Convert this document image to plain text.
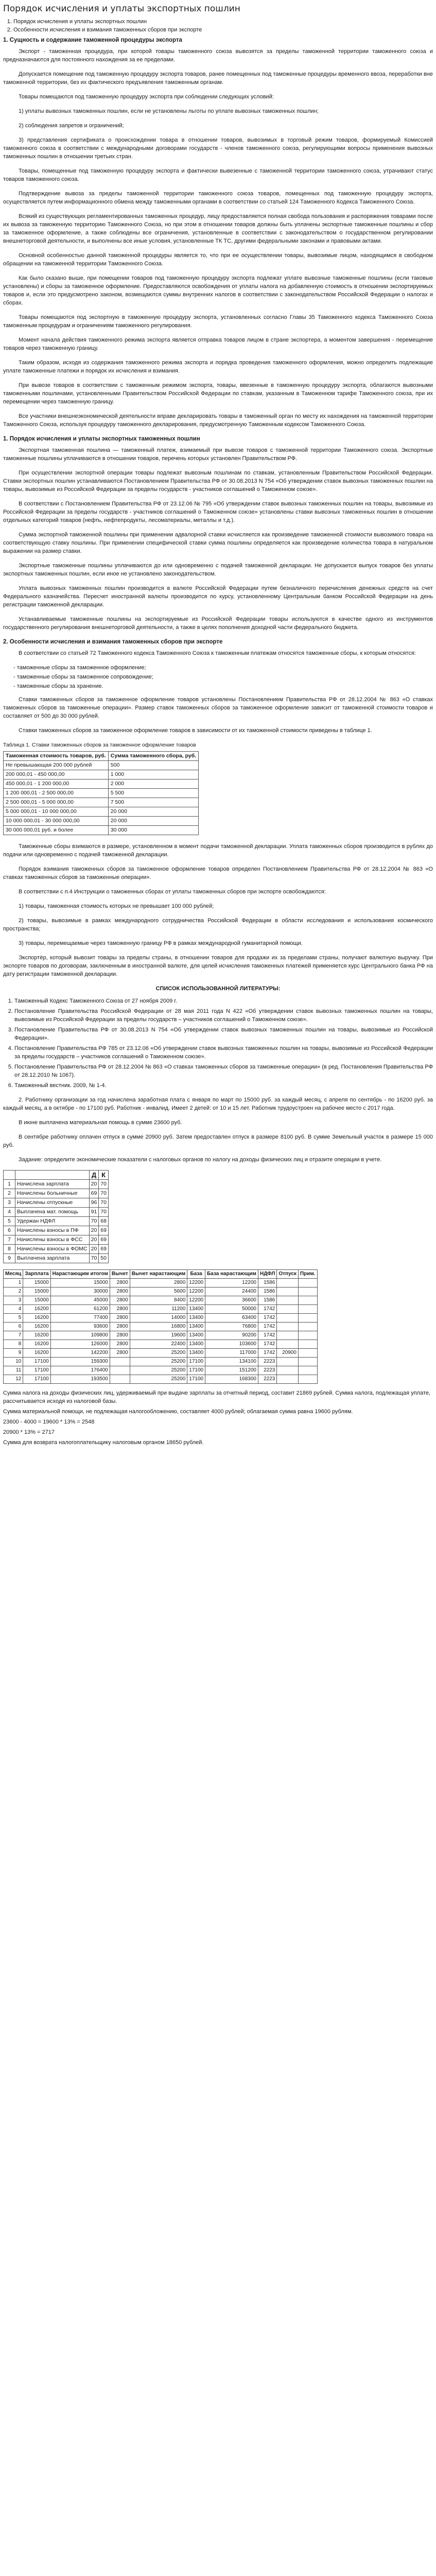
Порядок исчисления и уплаты экспортных пошлин
1. Порядок исчисления и уплаты экспортных пошлин
2. Особенности исчисления и взимания таможенных сборов при экспорте
1. Сущность и содержание таможенной процедуры экспорта

Экспорт - таможенная процедура, при которой товары таможенного союза вывозятся за пределы таможенной территории таможенного союза и предназначаются для постоянного нахождения за ее пределами.

Допускается помещение под таможенную процедуру экспорта товаров, ранее помещенных под таможенные процедуры временного ввоза, переработки вне таможенной территории, без их фактического предъявления таможенным органам.

Товары помещаются под таможенную процедуру экспорта при соблюдении следующих условий:

1) уплаты вывозных таможенных пошлин, если не установлены льготы по уплате вывозных таможенных пошлин;

2) соблюдения запретов и ограничений;

3) представления сертификата о происхождении товара в отношении товаров, вывозимых в торговый режим товаров, формируемый Комиссией таможенного союза в соответствии с международными договорами государств - членов таможенного союза, регулирующими вопросы применения вывозных таможенных пошлин в отношении третьих стран.

Товары, помещенные под таможенную процедуру экспорта и фактически вывезенные с таможенной территории таможенного союза, утрачивают статус товаров таможенного союза.

Подтверждение вывоза за пределы таможенной территории таможенного союза товаров, помещенных под таможенную процедуру экспорта, осуществляется путем информационного обмена между таможенными органами в соответствии со статьей 124 Таможенного Кодекса Таможенного Союза.

Всякий из существующих регламентированных таможенных процедур, лицу предоставляется полная свобода пользования и распоряжения товарами после их вывоза за таможенную территорию Таможенного Союза, но при этом в отношении товаров должны быть уплачены экспортные таможенные пошлины и сбор за таможенное оформление, а также соблюдены все ограничения, установленные в соответствии с законодательством о государственном регулировании внешнеторговой деятельности, и выполнены все иные условия, установленные ТК ТС, другими федеральными законами и правовыми актами.

Основной особенностью данной таможенной процедуры является то, что при ее осуществлении товары, вывозимые лицом, находящимся в свободном обращении на таможенной территории Таможенного Союза.

Как было сказано выше, при помещении товаров под таможенную процедуру экспорта подлежат уплате вывозные таможенные пошлины (если таковые установлены) и сборы за таможенное оформление. Предоставляются освобождения от уплаты налога на добавленную стоимость в отношении экспортируемых товаров и, если это предусмотрено законом, возмещаются суммы внутренних налогов в соответствии с законодательством Российской Федерации о налогах и сборах.

Товары помещаются под экспортную в таможенную процедуру экспорта, установленных согласно Главы 35 Таможенного кодекса Таможенного Союза таможенным процедурам и ограничениям таможенного регулирования.

Момент начала действия таможенного режима экспорта является отправка товаров лицом в стране экспортера, а моментом завершения - перемещение товаров через таможенную границу.

Таким образом, исходя из содержания таможенного режима экспорта и порядка проведения таможенного оформления, можно определить подлежащие уплате таможенные платежи и порядок их исчисления и взимания.

При вывозе товаров в соответствии с таможенным режимом экспорта, товары, ввезенные в таможенную процедуру экспорта, облагаются вывозными таможенными пошлинами, установленными Правительством Российской Федерации по ставкам, указанным в Таможенном тарифе Таможенного союза, при их перемещении через таможенную границу.

Все участники внешнеэкономической деятельности вправе декларировать товары в таможенный орган по месту их нахождения на таможенной территории Таможенного Союза, используя процедуру таможенного декларирования, предусмотренную Таможенным кодексом Таможенного Союза.

1. Порядок исчисления и уплаты экспортных таможенных пошлин

Экспортная таможенная пошлина — таможенный платеж, взимаемый при вывозе товаров с таможенной территории Таможенного союза. Экспортные таможенные пошлины уплачиваются в отношении товаров, перечень которых установлен Правительством РФ.

При осуществлении экспортной операции товары подлежат вывозным пошлинам по ставкам, установленным Правительством Российской Федерации. Ставки экспортных пошлин устанавливаются Постановлением Правительства РФ от 30.08.2013 N 754 «Об утверждении ставок вывозных таможенных пошлин на товары, вывозимые из Российской Федерации за пределы государств - участников соглашений о Таможенном союзе».

В соответствии с Постановлением Правительства РФ от 23.12.06 № 795 «Об утверждении ставок вывозных таможенных пошлин на товары, вывозимые из Российской Федерации за пределы государств - участников соглашений о Таможенном союзе» установлены ставки вывозных таможенных пошлин в отношении отдельных категорий товаров (нефть, нефтепродукты, лесоматериалы, металлы и т.д.).

Сумма экспортной таможенной пошлины при применении адвалорной ставки исчисляется как произведение таможенной стоимости вывозимого товара на соответствующую ставку пошлины. При применении специфической ставки сумма пошлины определяется как произведение количества товара в натуральном выражении на размер ставки.

Экспортные таможенные пошлины уплачиваются до или одновременно с подачей таможенной декларации. Не допускается выпуск товаров без уплаты экспортных таможенных пошлин, если иное не установлено законодательством.

Уплата вывозных таможенных пошлин производится в валюте Российской Федерации путем безналичного перечисления денежных средств на счет Федерального казначейства. Пересчет иностранной валюты производится по курсу, установленному Центральным банком Российской Федерации на день регистрации таможенной декларации.

Устанавливаемые таможенные пошлины на экспортируемые из Российской Федерации товары используются в качестве одного из инструментов государственного регулирования внешнеторговой деятельности, а также в целях пополнения доходной части федерального бюджета.

2. Особенности исчисления и взимания таможенных сборов при экспорте

В соответствии со статьей 72 Таможенного кодекса Таможенного Союза к таможенным платежам относятся таможенные сборы, к которым относятся:

- таможенные сборы за таможенное оформление;
- таможенные сборы за таможенное сопровождение;
- таможенные сборы за хранение.

Ставки таможенных сборов за таможенное оформление товаров установлены Постановлением Правительства РФ от 28.12.2004 № 863 «О ставках таможенных сборов за таможенные операции». Размер ставок таможенных сборов за таможенное оформление зависит от таможенной стоимости товаров и составляет от 500 до 30 000 рублей.

Ставки таможенных сборов за таможенное оформление товаров в зависимости от их таможенной стоимости приведены в таблице 1.

Таблица 1. Ставки таможенных сборов за таможенное оформление товаров
Таможенная стоимость товаров, руб.	Сумма таможенного сбора, руб.
Не превышающая 200 000 рублей	500
200 000,01 - 450 000,00	1 000
450 000,01 - 1 200 000,00	2 000
1 200 000,01 - 2 500 000,00	5 500
2 500 000,01 - 5 000 000,00	7 500
5 000 000,01 - 10 000 000,00	20 000
10 000 000,01 - 30 000 000,00	20 000
30 000 000,01 руб. и более	30 000

Таможенные сборы взимаются в размере, установленном в момент подачи таможенной декларации. Уплата таможенных сборов производится в рублях до подачи или одновременно с подачей таможенной декларации.

Порядок взимания таможенных сборов за таможенное оформление товаров определен Постановлением Правительства РФ от 28.12.2004 № 863 «О ставках таможенных сборов за таможенные операции».

В соответствии с п.4 Инструкции о таможенных сборах от уплаты таможенных сборов при экспорте освобождаются:

1) товары, таможенная стоимость которых не превышает 100 000 рублей;

2) товары, вывозимые в рамках международного сотрудничества Российской Федерации в области исследования и использования космического пространства;

3) товары, перемещаемые через таможенную границу РФ в рамках международной гуманитарной помощи.

Экспортёр, который вывозит товары за пределы страны, в отношении товаров для продажи их за пределами страны, получают валютную выручку. При экспорте товаров по договорам, заключенным в иностранной валюте, для целей исчисления таможенных платежей применяется курс Центрального банка РФ на дату регистрации таможенной декларации.

СПИСОК ИСПОЛЬЗОВАННОЙ ЛИТЕРАТУРЫ:
1. Таможенный Кодекс Таможенного Союза от 27 ноября 2009 г.
2. Постановление Правительства Российской Федерации от 28 мая 2011 года N 422 «Об утверждении ставок вывозных таможенных пошлин на товары, вывозимые из Российской Федерации за пределы государств – участников соглашений о Таможенном союзе».
3. Постановление Правительства РФ от 30.08.2013 N 754 «Об утверждении ставок вывозных таможенных пошлин на товары, вывозимые из Российской Федерации».
4. Постановление Правительства РФ 785 от 23.12.06 «Об утверждении ставок вывозных таможенных пошлин на товары, вывозимые из Российской Федерации за пределы государств – участников соглашений о Таможенном союзе».
5. Постановление Правительства РФ от 28.12.2004 № 863 «О ставках таможенных сборов за таможенные операции» (в ред. Постановления Правительства РФ от 28.12.2010 № 1067).
6. Таможенный вестник. 2009, № 1-4.

2. Работнику организации за год начислена заработная плата с января по март по 15000 руб. за каждый месяц, с апреля по сентябрь - по 16200 руб. за каждый месяц, а в октябре - по 17100 руб. Работник - инвалид. Имеет 2 детей: от 10 и 15 лет. Работник трудоустроен на рабочее место с 2017 года.

В июне выплачена материальная помощь в сумме 23600 руб.

В сентябре работнику оплачен отпуск в сумме 20900 руб. Затем предоставлен отпуск в размере 8100 руб. В сумме Земельный участок в размере 15 000 руб.

Задание: определите экономические показатели с налоговых органов по налогу на доходы физических лиц и отразите операции в учете.

		Д	К
1	Начислена зарплата	20	70
2	Начислены больничные	69	70
3	Начислены отпускные	96	70
4	Выплачена мат. помощь	91	70
5	Удержан НДФЛ	70	68
6	Начислены взносы в ПФ	20	69
7	Начислены взносы в ФСС	20	69
8	Начислены взносы в ФОМС	20	69
9	Выплачена зарплата	70	50
Месяц	Зарплата	Нарастающим итогом	Вычет	Вычет нарастающим	База	База нарастающим	НДФЛ	Отпуск	Прим.
1	15000	15000	2800	2800	12200	12200	1586		
2	15000	30000	2800	5600	12200	24400	1586		
3	15000	45000	2800	8400	12200	36600	1586		
4	16200	61200	2800	11200	13400	50000	1742		
5	16200	77400	2800	14000	13400	63400	1742		
6	16200	93600	2800	16800	13400	76800	1742		
7	16200	109800	2800	19600	13400	90200	1742		
8	16200	126000	2800	22400	13400	103600	1742		
9	16200	142200	2800	25200	13400	117000	1742	20900	
10	17100	159300		25200	17100	134100	2223		
11	17100	176400		25200	17100	151200	2223		
12	17100	193500		25200	17100	168300	2223		

Сумма налога на доходы физических лиц, удерживаемый при выдаче зарплаты за отчетный период, составит 21869 рублей. Сумма налога, подлежащая уплате, рассчитывается исходя из налоговой базы.

Сумма материальной помощи, не подлежащая налогообложению, составляет 4000 рублей; облагаемая сумма равна 19600 рублям.

23600 - 4000 = 19600 * 13% = 2548

20900 * 13% = 2717

Сумма для возврата налогоплательщику налоговым органом 18650 рублей.
